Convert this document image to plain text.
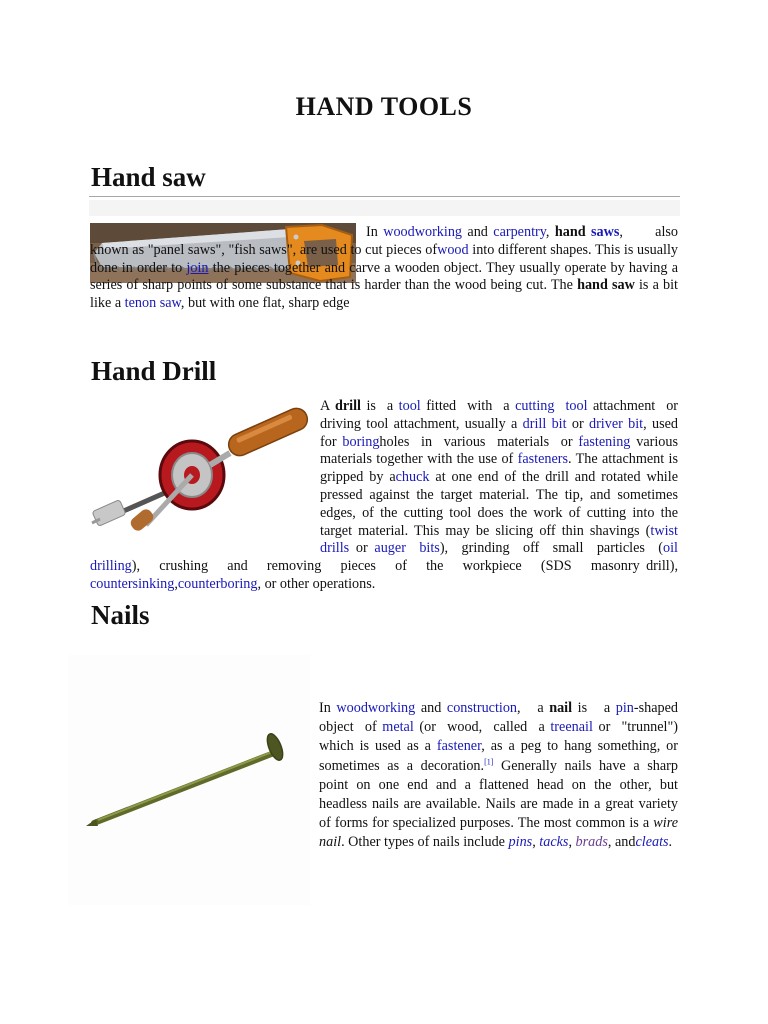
HAND TOOLS
Hand saw
In woodworking and carpentry, hand saws,      also known as "panel saws", "fish saws", are used to cut pieces ofwood into different shapes. This is usually done in order to join the pieces together and carve a wooden object. They usually operate by having a series of sharp points of some substance that is harder than the wood being cut. The hand saw is a bit like a tenon saw, but with one flat, sharp edge
Hand Drill
A drill is  a tool fitted  with  a cutting  tool attachment  or driving tool attachment, usually a drill bit or driver bit, used for boringholes  in  various  materials  or fastening various materials together with the use of fasteners. The attachment is gripped by achuck at one end of the drill and rotated while pressed against the target material. The tip, and sometimes edges, of the cutting tool does the work of cutting into the target material. This may be slicing off thin shavings (twist drills or auger  bits),  grinding  off  small  particles  (oil drilling),   crushing   and   removing   pieces   of   the   workpiece   (SDS   masonry drill), countersinking,counterboring, or other operations.
Nails
In woodworking and construction,   a nail is   a pin-shaped object  of metal (or  wood,  called  a treenail or  "trunnel") which is used as a fastener, as a peg to hang something, or sometimes as a decoration.[1] Generally nails have a sharp point on one end and a flattened head on the other, but headless nails are available. Nails are made in a great variety of forms for specialized purposes. The most common is a wire nail. Other types of nails include pins, tacks, brads, andcleats.
